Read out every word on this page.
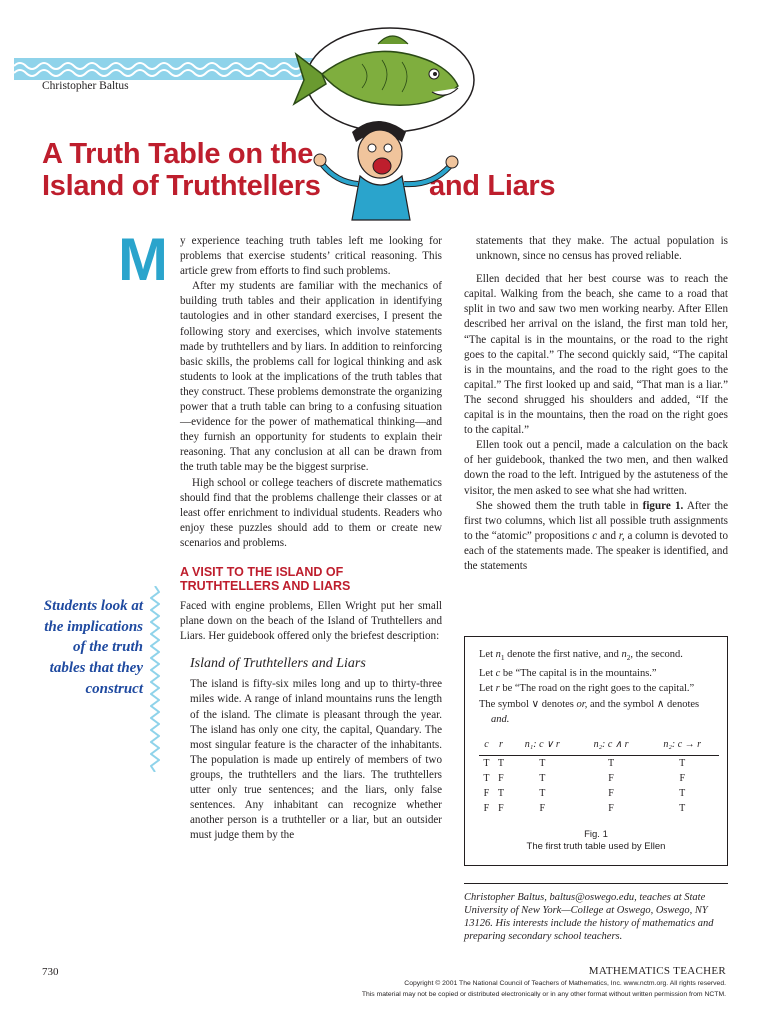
Christopher Baltus
A Truth Table on the
Island of Truthtellers	and Liars
M y experience teaching truth tables left me looking for problems that exercise students’ critical reasoning. This article grew from efforts to find such problems.

After my students are familiar with the mechanics of building truth tables and their application in identifying tautologies and in other standard exercises, I present the following story and exercises, which involve statements made by truthtellers and by liars. In addition to reinforcing basic skills, the problems call for logical thinking and ask students to look at the implications of the truth tables that they construct. These problems demonstrate the organizing power that a truth table can bring to a confusing situation—evidence for the power of mathematical thinking—and they furnish an opportunity for students to explain their reasoning. That any conclusion at all can be drawn from the truth table may be the biggest surprise.

High school or college teachers of discrete mathematics should find that the problems challenge their classes or at least offer enrichment to individual students. Readers who enjoy these puzzles should add to them or create new scenarios and problems.

A VISIT TO THE ISLAND OF TRUTHTELLERS AND LIARS

Faced with engine problems, Ellen Wright put her small plane down on the beach of the Island of Truthtellers and Liars. Her guidebook offered only the briefest description:

Island of Truthtellers and Liars

The island is fifty-six miles long and up to thirty-three miles wide. A range of inland mountains runs the length of the island. The climate is pleasant through the year. The island has only one city, the capital, Quandary. The most singular feature is the character of the inhabitants. The population is made up entirely of members of two groups, the truthtellers and the liars. The truthtellers utter only true sentences; and the liars, only false sentences. Any inhabitant can recognize whether another person is a truthteller or a liar, but an outsider must judge them by the

Students look at the implications of the truth tables that they construct

statements that they make. The actual population is unknown, since no census has proved reliable.

Ellen decided that her best course was to reach the capital. Walking from the beach, she came to a road that split in two and saw two men working nearby. After Ellen described her arrival on the island, the first man told her, “The capital is in the mountains, or the road to the right goes to the capital.” The second quickly said, “The capital is in the mountains, and the road to the right goes to the capital.” The first looked up and said, “That man is a liar.” The second shrugged his shoulders and added, “If the capital is in the mountains, then the road on the right goes to the capital.”

Ellen took out a pencil, made a calculation on the back of her guidebook, thanked the two men, and then walked down the road to the left. Intrigued by the astuteness of the visitor, the men asked to see what she had written.

She showed them the truth table in figure 1. After the first two columns, which list all possible truth assignments to the “atomic” propositions c and r, a column is devoted to each of the statements made. The speaker is identified, and the statements

Let $n_1$ denote the first native, and $n_2$, the second.
Let c be “The capital is in the mountains.”
Let r be “The road on the right goes to the capital.”
The symbol ∨ denotes or, and the symbol ∧ denotes
and.
c	r	n₁: c ∨ r	n₂: c ∧ r	n₂: c → r
T	T	T	T	T
T	F	T	F	F
F	T	T	F	T
F	F	F	F	T
Fig. 1
The first truth table used by Ellen
Christopher Baltus, baltus@oswego.edu, teaches at State University of New York—College at Oswego, Oswego, NY 13126. His interests include the history of mathematics and preparing secondary school teachers.
730	MATHEMATICS TEACHER
Copyright © 2001 The National Council of Teachers of Mathematics, Inc. www.nctm.org. All rights reserved.
This material may not be copied or distributed electronically or in any other format without written permission from NCTM.
